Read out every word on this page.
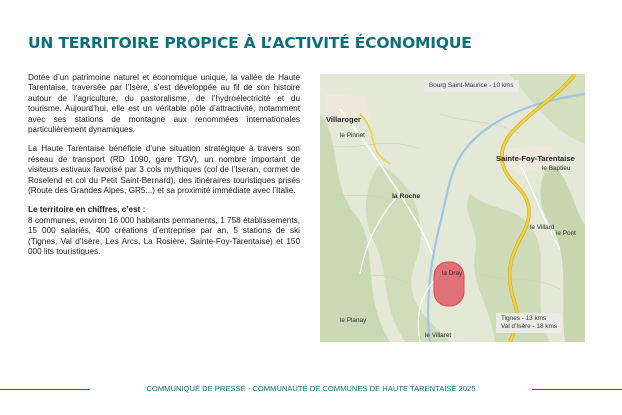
UN TERRITOIRE PROPICE À L’ACTIVITÉ ÉCONOMIQUE

Dotée d’un patrimoine naturel et économique unique, la vallée de Haute Tarentaise, traversée par l’Isère, s’est développée au fil de son histoire autour de l’agriculture, du pastoralisme, de l’hydroélectricité et du tourisme. Aujourd’hui, elle est un véritable pôle d’attractivité, notamment avec ses stations de montagne aux renommées internationales particulièrement dynamiques.

La Haute Tarentaise bénéficie d’une situation stratégique à travers son réseau de transport (RD 1090, gare TGV), un nombre important de visiteurs estivaux favorisé par 3 cols mythiques (col de l’Iseran, cormet de Roselend et col du Petit Saint-Bernard), des itinéraires touristiques prisés (Route des Grandes Alpes, GR5...) et sa proximité immédiate avec l’Italie.

Le territoire en chiffres, c’est :
8 communes, environ 16 000 habitants permanents, 1 758 établissements, 15 000 salariés, 400 créations d’entreprise par an, 5 stations de ski (Tignes, Val d’Isère, Les Arcs, La Rosière, Sainte-Foy-Tarentaise) et 150 000 lits touristiques.
Bourg Saint-Maurice - 10 kms
Villaroger
le Pinnet
Sainte-Foy-Tarentaise
le Baptieu
la Roche
le Villard
le Planay
le Villaret
le Pont
la Dray
Tignes - 13 kms
Val d’Isère - 18 kms
COMMUNIQUÉ DE PRESSE - COMMUNAUTÉ DE COMMUNES DE HAUTE TARENTAISE 2025
